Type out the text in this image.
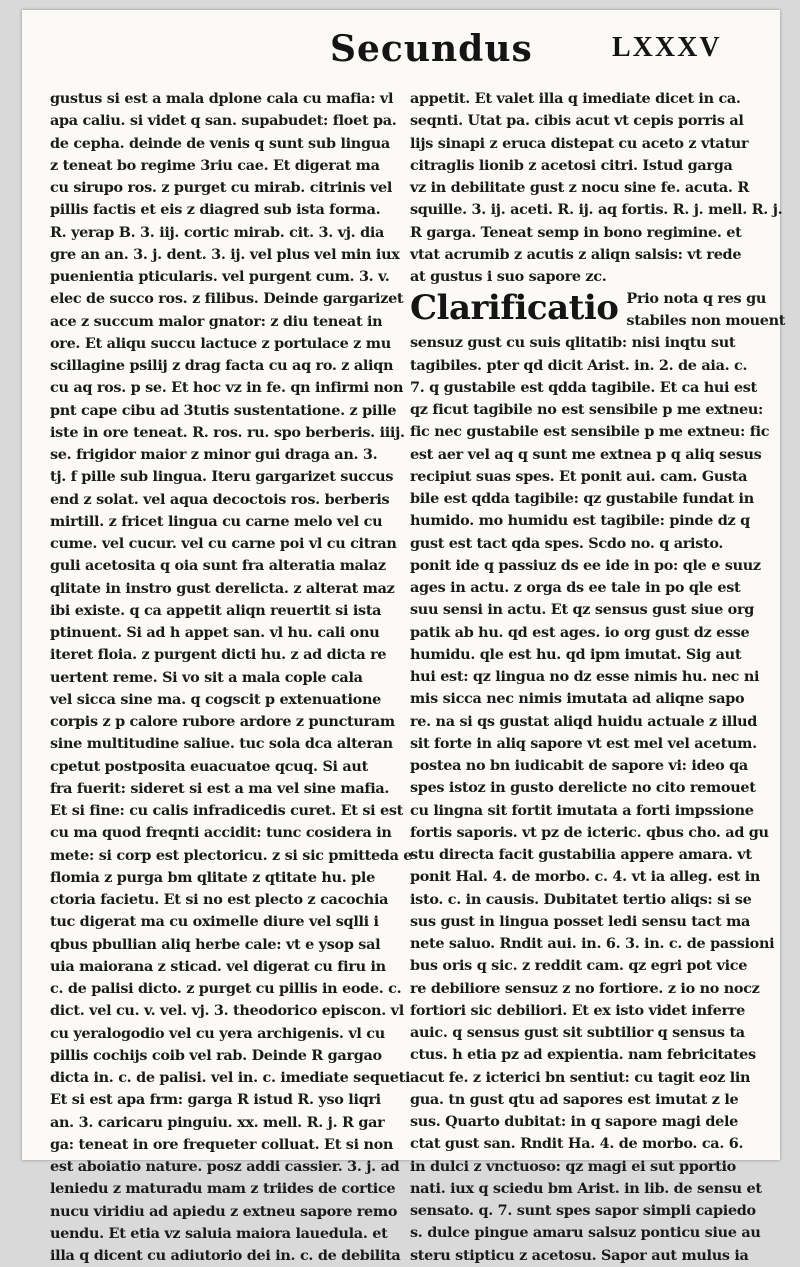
Secundus	LXXXV
gustus si est a mala dplone cala cu mafia: vl
apa caliu. si videt q san. supabudet: floet pa.
de cepha. deinde de venis q sunt sub lingua
z teneat bo regime 3riu cae. Et digerat ma
cu sirupo ros. z purget cu mirab. citrinis vel
pillis factis et eis z diagred sub ista forma.
R. yerap B. 3. iij. cortic mirab. cit. 3. vj. dia
gre an an. 3. j. dent. 3. ij. vel plus vel min iux
puenientia pticularis. vel purgent cum. 3. v.
elec de succo ros. z filibus. Deinde gargarizet
ace z succum malor gnator: z diu teneat in
ore. Et aliqu succu lactuce z portulace z mu
scillagine psilij z drag facta cu aq ro. z aliqn
cu aq ros. p se. Et hoc vz in fe. qn infirmi non
pnt cape cibu ad 3tutis sustentatione. z pille
iste in ore teneat. R. ros. ru. spo berberis. iiij.
se. frigidor maior z minor gui draga an. 3.
tj. f pille sub lingua. Iteru gargarizet succus
end z solat. vel aqua decoctois ros. berberis
mirtill. z fricet lingua cu carne melo vel cu
cume. vel cucur. vel cu carne poi vl cu citran
guli acetosita q oia sunt fra alteratia malaz
qlitate in instro gust derelicta. z alterat maz
ibi existe. q ca appetit aliqn reuertit si ista
ptinuent. Si ad h appet san. vl hu. cali onu
iteret floia. z purgent dicti hu. z ad dicta re
uertent reme. Si vo sit a mala cople cala
vel sicca sine ma. q cogscit p extenuatione
corpis z p calore rubore ardore z puncturam
sine multitudine saliue. tuc sola dca alteran
cpetut postposita euacuatoe qcuq. Si aut
fra fuerit: sideret si est a ma vel sine mafia.
Et si fine: cu calis infradicedis curet. Et si est
cu ma quod freqnti accidit: tunc cosidera in
mete: si corp est plectoricu. z si sic pmitteda e
flomia z purga bm qlitate z qtitate hu. ple
ctoria facietu. Et si no est plecto z cacochia
tuc digerat ma cu oximelle diure vel sqlli i
qbus pbullian aliq herbe cale: vt e ysop sal
uia maiorana z sticad. vel digerat cu firu in
c. de palisi dicto. z purget cu pillis in eode. c.
dict. vel cu. v. vel. vj. 3. theodorico episcon. vl
cu yeralogodio vel cu yera archigenis. vl cu
pillis cochijs coib vel rab. Deinde R gargao
dicta in. c. de palisi. vel in. c. imediate sequeti
Et si est apa frm: garga R istud R. yso liqri
an. 3. caricaru pinguiu. xx. mell. R. j. R gar
ga: teneat in ore frequeter colluat. Et si non
est aboiatio nature. posz addi cassier. 3. j. ad
leniedu z maturadu mam z triides de cortice
nucu viridiu ad apiedu z extneu sapore remo
uendu. Et etia vz saluia maiora lauedula. et
illa q dicent cu adiutorio dei in. c. de debilita
appetit. Et valet illa q imediate dicet in ca.
seqnti. Utat pa. cibis acut vt cepis porris al
lijs sinapi z eruca distepat cu aceto z vtatur
citraglis lionib z acetosi citri. Istud garga
vz in debilitate gust z nocu sine fe. acuta. R
squille. 3. ij. aceti. R. ij. aq fortis. R. j. mell. R. j.
R garga. Teneat semp in bono regimine. et
vtat acrumib z acutis z aliqn salsis: vt rede
at gustus i suo sapore zc.
Clarificatio Prio nota q res gu
stabiles non mouent
sensuz gust cu suis qlitatib: nisi inqtu sut
tagibiles. pter qd dicit Arist. in. 2. de aia. c.
7. q gustabile est qdda tagibile. Et ca hui est
qz ficut tagibile no est sensibile p me extneu:
fic nec gustabile est sensibile p me extneu: fic
est aer vel aq q sunt me extnea p q aliq sesus
recipiut suas spes. Et ponit aui. cam. Gusta
bile est qdda tagibile: qz gustabile fundat in
humido. mo humidu est tagibile: pinde dz q
gust est tact qda spes. Scdo no. q aristo.
ponit ide q passiuz ds ee ide in po: qle e suuz
ages in actu. z orga ds ee tale in po qle est
suu sensi in actu. Et qz sensus gust siue org
patik ab hu. qd est ages. io org gust dz esse
humidu. qle est hu. qd ipm imutat. Sig aut
hui est: qz lingua no dz esse nimis hu. nec ni
mis sicca nec nimis imutata ad aliqne sapo
re. na si qs gustat aliqd huidu actuale z illud
sit forte in aliq sapore vt est mel vel acetum.
postea no bn iudicabit de sapore vi: ideo qa
spes istoz in gusto derelicte no cito remouet
cu lingna sit fortit imutata a forti impssione
fortis saporis. vt pz de icteric. qbus cho. ad gu
stu directa facit gustabilia appere amara. vt
ponit Hal. 4. de morbo. c. 4. vt ia alleg. est in
isto. c. in causis. Dubitatet tertio aliqs: si se
sus gust in lingua posset ledi sensu tact ma
nete saluo. Rndit aui. in. 6. 3. in. c. de passioni
bus oris q sic. z reddit cam. qz egri pot vice
re debiliore sensuz z no fortiore. z io no nocz
fortiori sic debiliori. Et ex isto videt inferre
auic. q sensus gust sit subtilior q sensus ta
ctus. h etia pz ad expientia. nam febricitates
acut fe. z icterici bn sentiut: cu tagit eoz lin
gua. tn gust qtu ad sapores est imutat z le
sus. Quarto dubitat: in q sapore magi dele
ctat gust san. Rndit Ha. 4. de morbo. ca. 6.
in dulci z vnctuoso: qz magi ei sut pportio
nati. iux q sciedu bm Arist. in lib. de sensu et
sensato. q. 7. sunt spes sapor simpli capiedo
s. dulce pingue amaru salsuz ponticu siue au
steru stipticu z acetosu. Sapor aut mulus ia
